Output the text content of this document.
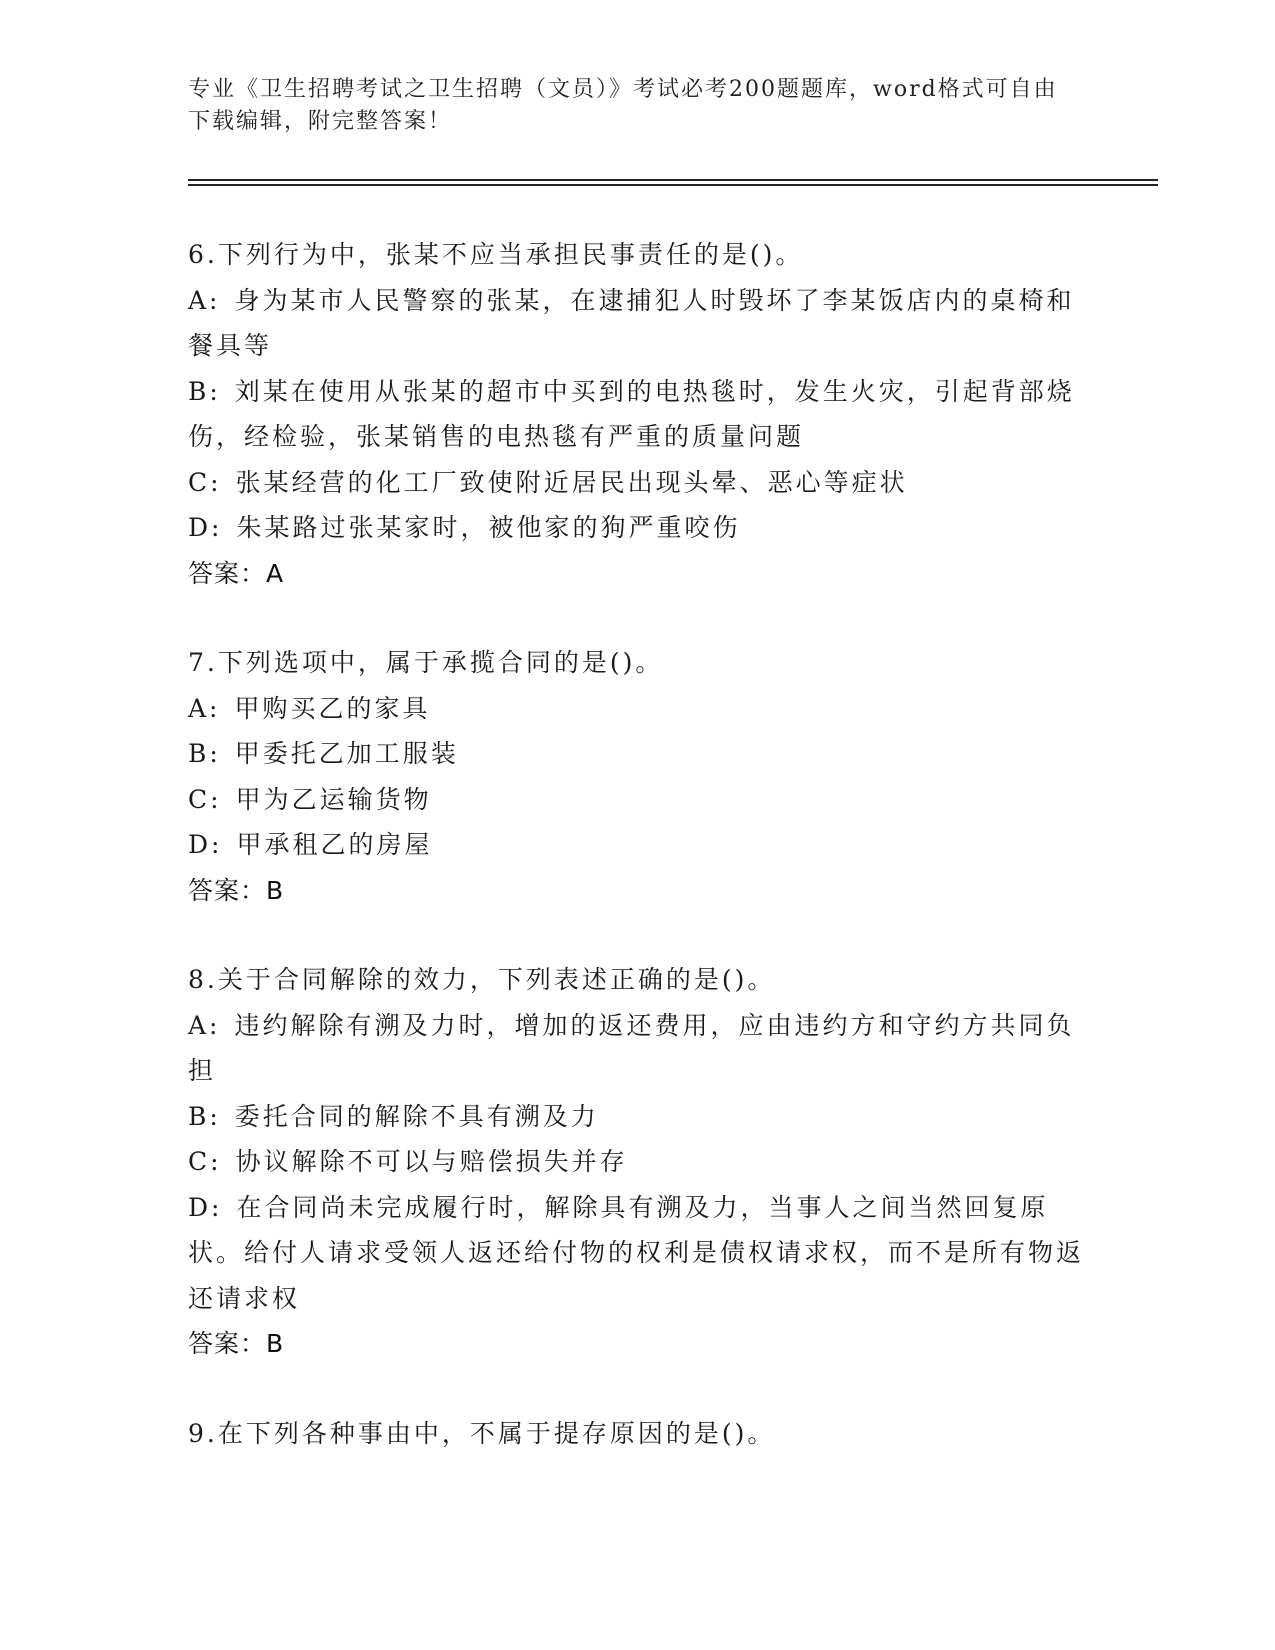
专业《卫生招聘考试之卫生招聘（文员）》考试必考200题题库，word格式可自由下载编辑，附完整答案！
6.下列行为中，张某不应当承担民事责任的是()。
A: 身为某市人民警察的张某，在逮捕犯人时毁坏了李某饭店内的桌椅和餐具等
B: 刘某在使用从张某的超市中买到的电热毯时，发生火灾，引起背部烧伤，经检验，张某销售的电热毯有严重的质量问题
C: 张某经营的化工厂致使附近居民出现头晕、恶心等症状
D: 朱某路过张某家时，被他家的狗严重咬伤
答案：A
7.下列选项中，属于承揽合同的是()。
A: 甲购买乙的家具
B: 甲委托乙加工服装
C: 甲为乙运输货物
D: 甲承租乙的房屋
答案：B
8.关于合同解除的效力，下列表述正确的是()。
A: 违约解除有溯及力时，增加的返还费用，应由违约方和守约方共同负担
B: 委托合同的解除不具有溯及力
C: 协议解除不可以与赔偿损失并存
D: 在合同尚未完成履行时，解除具有溯及力，当事人之间当然回复原状。给付人请求受领人返还给付物的权利是债权请求权，而不是所有物返还请求权
答案：B
9.在下列各种事由中，不属于提存原因的是()。
